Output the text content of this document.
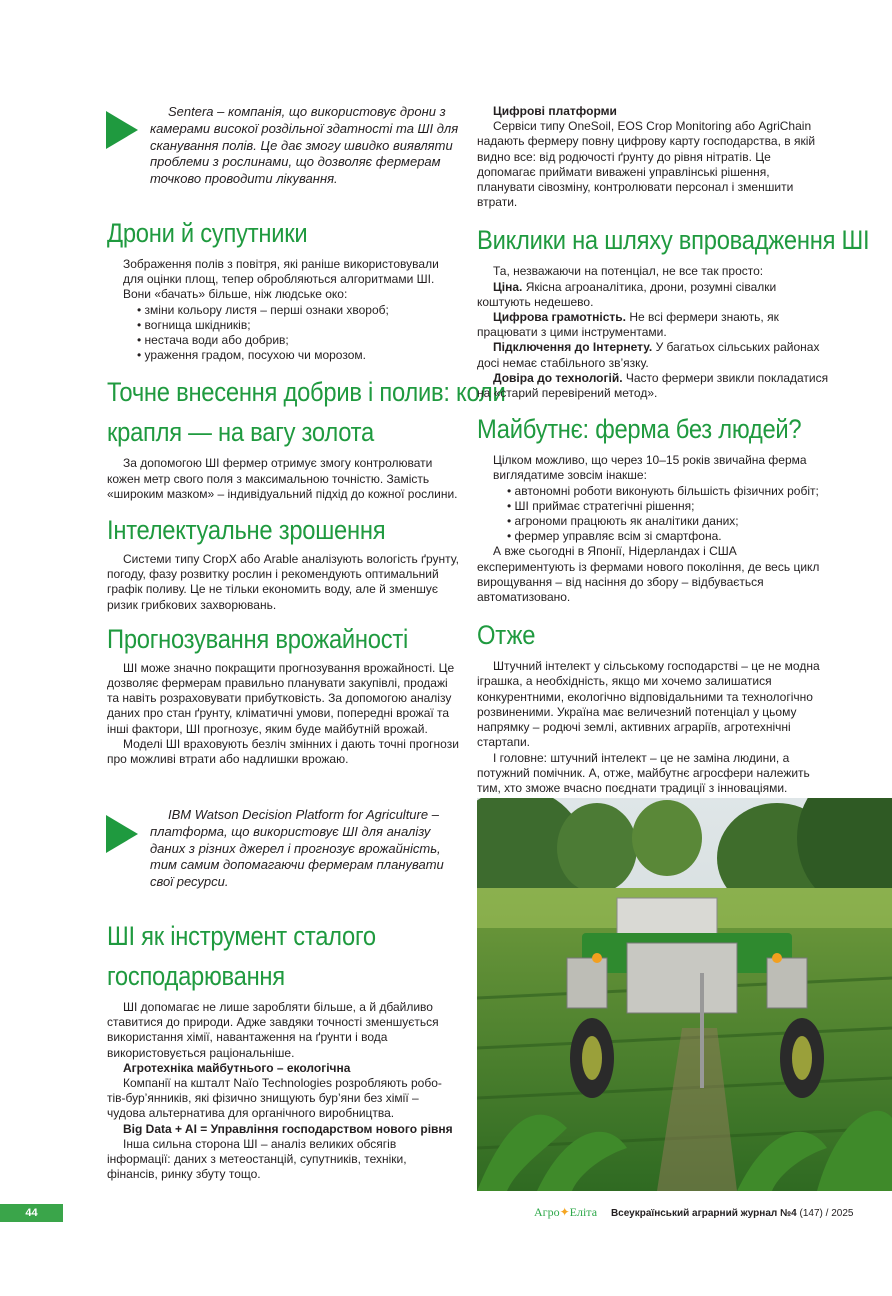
Sentera – компанія, що використовує дрони з камерами високої роздільної здатності та ШІ для сканування полів. Це дає змогу швидко виявляти проблеми з рослинами, що дозволяє фермерам точково проводити лікування.
Дрони й супутники

Зображення полів з повітря, які раніше використовували для оцінки площ, тепер обробляються алгоритмами ШІ. Вони «бачать» більше, ніж людське око:

• зміни кольору листя – перші ознаки хвороб;

• вогнища шкідників;

• нестача води або добрив;

• ураження градом, посухою чи морозом.

Точне внесення добрив і полив: коли
крапля — на вагу золота

За допомогою ШІ фермер отримує змогу контролювати кожен метр свого поля з максимальною точністю. Замість «широким мазком» – індивідуальний підхід до кожної рослини.

Інтелектуальне зрошення

Системи типу CropX або Arable аналізують вологість ґрунту, погоду, фазу розвитку рослин і рекомендують оптимальний графік поливу. Це не тільки економить воду, але й зменшує ризик грибкових захворювань.

Прогнозування врожайності

ШІ може значно покращити прогнозування врожайності. Це дозволяє фермерам правильно планувати закупівлі, продажі та навіть розраховувати прибутковість. За допомогою аналізу даних про стан ґрунту, кліматичні умови, попередні врожаї та інші фактори, ШІ прогнозує, яким буде майбутній врожай.

Моделі ШІ враховують безліч змінних і дають точні прогнози про можливі втрати або надлишки врожаю.

IBM Watson Decision Platform for Agriculture – платформа, що використовує ШІ для аналізу даних з різних джерел і прогнозує врожайність, тим самим допомагаючи фермерам планувати свої ресурси.
ШІ як інструмент сталого
господарювання

ШІ допомагає не лише заробляти більше, а й дбайливо ставитися до природи. Адже завдяки точності зменшується використання хімії, навантаження на ґрунти і вода використовується раціональніше.

Агротехніка майбутнього – екологічна

Компанії на кшталт Naïo Technologies розробляють робо-тів-бур’янників, які фізично знищують бур’яни без хімії – чудова альтернатива для органічного виробництва.

Big Data + AI = Управління господарством нового рівня

Інша сильна сторона ШІ – аналіз великих обсягів інформації: даних з метеостанцій, супутників, техніки, фінансів, ринку збуту тощо.

Цифрові платформи

Сервіси типу OneSoil, EOS Crop Monitoring або AgriChain надають фермеру повну цифрову карту господарства, в якій видно все: від родючості ґрунту до рівня нітратів. Це допомагає приймати виважені управлінські рішення, планувати сівозміну, контролювати персонал і зменшити втрати.

Виклики на шляху впровадження ШІ

Та, незважаючи на потенціал, не все так просто:

Ціна. Якісна агроаналітика, дрони, розумні сівалки коштують недешево.

Цифрова грамотність. Не всі фермери знають, як працювати з цими інструментами.

Підключення до Інтернету. У багатьох сільських районах досі немає стабільного зв’язку.

Довіра до технологій. Часто фермери звикли покладатися на «старий перевірений метод».

Майбутнє: ферма без людей?

Цілком можливо, що через 10–15 років звичайна ферма виглядатиме зовсім інакше:

• автономні роботи виконують більшість фізичних робіт;

• ШІ приймає стратегічні рішення;

• агрономи працюють як аналітики даних;

• фермер управляє всім зі смартфона.

А вже сьогодні в Японії, Нідерландах і США експериментують із фермами нового покоління, де весь цикл вирощування – від насіння до збору – відбувається автоматизовано.

Отже

Штучний інтелект у сільському господарстві – це не модна іграшка, а необхідність, якщо ми хочемо залишатися конкурентними, екологічно відповідальними та технологічно розвиненими. Україна має величезний потенціал у цьому напрямку – родючі землі, активних аграріїв, агротехнічні стартапи.

І головне: штучний інтелект – це не заміна людини, а потужний помічник. А, отже, майбутнє агросфери належить тим, хто зможе вчасно поєднати традиції з інноваціями.

44	Агро✦Еліта Всеукраїнський аграрний журнал №4 (147) / 2025
